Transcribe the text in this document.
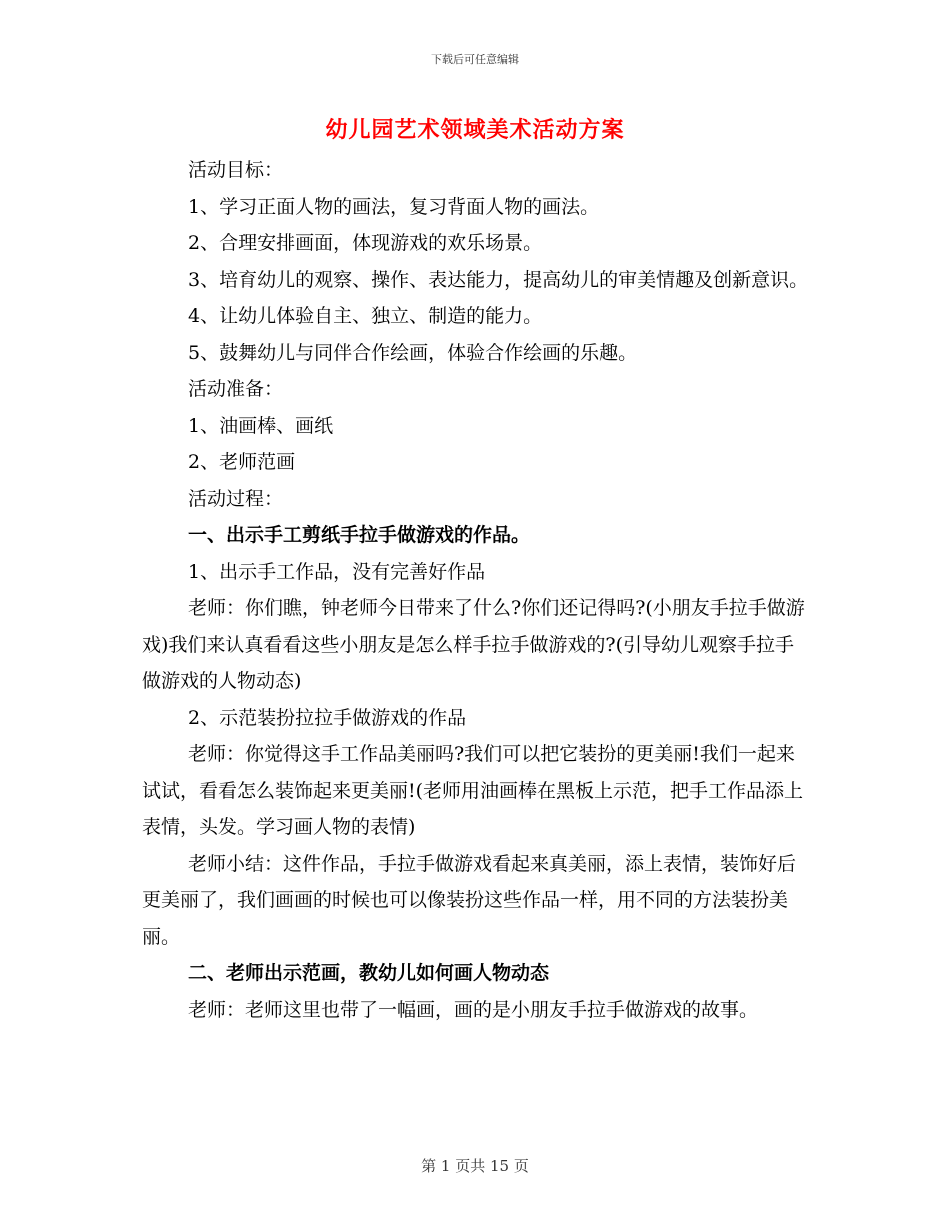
下载后可任意编辑
幼儿园艺术领域美术活动方案

活动目标：

1、学习正面人物的画法，复习背面人物的画法。

2、合理安排画面，体现游戏的欢乐场景。

3、培育幼儿的观察、操作、表达能力，提高幼儿的审美情趣及创新意识。

4、让幼儿体验自主、独立、制造的能力。

5、鼓舞幼儿与同伴合作绘画，体验合作绘画的乐趣。

活动准备：

1、油画棒、画纸

2、老师范画

活动过程：

一、出示手工剪纸手拉手做游戏的作品。

1、出示手工作品，没有完善好作品

老师：你们瞧，钟老师今日带来了什么?你们还记得吗?(小朋友手拉手做游戏)我们来认真看看这些小朋友是怎么样手拉手做游戏的?(引导幼儿观察手拉手做游戏的人物动态)

2、示范装扮拉拉手做游戏的作品

老师：你觉得这手工作品美丽吗?我们可以把它装扮的更美丽!我们一起来试试，看看怎么装饰起来更美丽!(老师用油画棒在黑板上示范，把手工作品添上表情，头发。学习画人物的表情)

老师小结：这件作品，手拉手做游戏看起来真美丽，添上表情，装饰好后更美丽了，我们画画的时候也可以像装扮这些作品一样，用不同的方法装扮美丽。

二、老师出示范画，教幼儿如何画人物动态

老师：老师这里也带了一幅画，画的是小朋友手拉手做游戏的故事。

第 1 页共 15 页
